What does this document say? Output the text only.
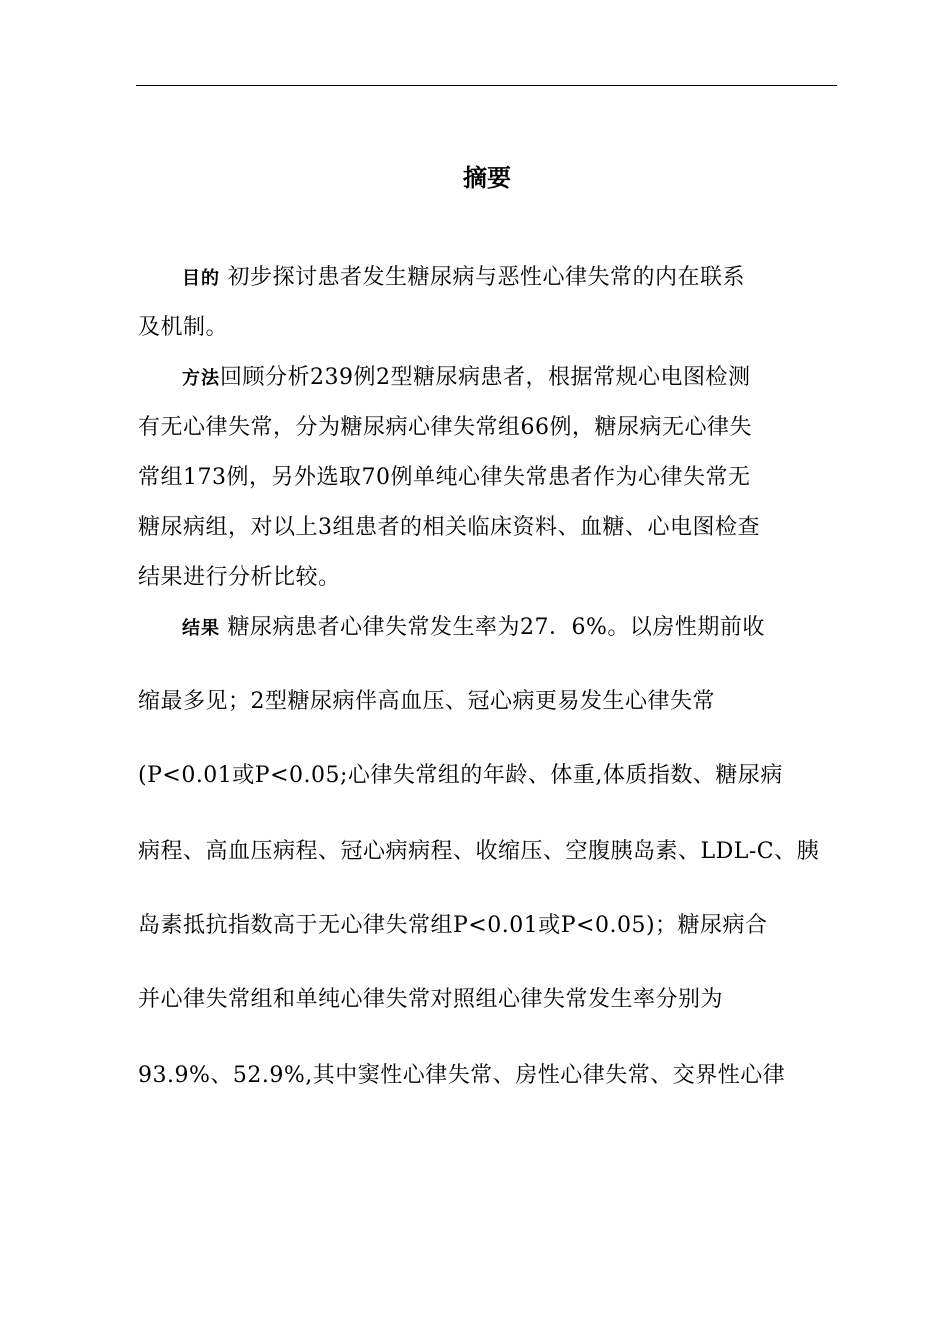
摘要
目的 初步探讨患者发生糖尿病与恶性心律失常的内在联系
及机制。
方法回顾分析239例2型糖尿病患者，根据常规心电图检测
有无心律失常，分为糖尿病心律失常组66例，糖尿病无心律失
常组173例，另外选取70例单纯心律失常患者作为心律失常无
糖尿病组，对以上3组患者的相关临床资料、血糖、心电图检查
结果进行分析比较。
结果 糖尿病患者心律失常发生率为27．6%。以房性期前收
缩最多见；2型糖尿病伴高血压、冠心病更易发生心律失常
(P<0.01或P<0.05;心律失常组的年龄、体重,体质指数、糖尿病
病程、高血压病程、冠心病病程、收缩压、空腹胰岛素、LDL-C、胰
岛素抵抗指数高于无心律失常组P<0.01或P<0.05)；糖尿病合
并心律失常组和单纯心律失常对照组心律失常发生率分别为
93.9%、52.9%,其中窦性心律失常、房性心律失常、交界性心律
